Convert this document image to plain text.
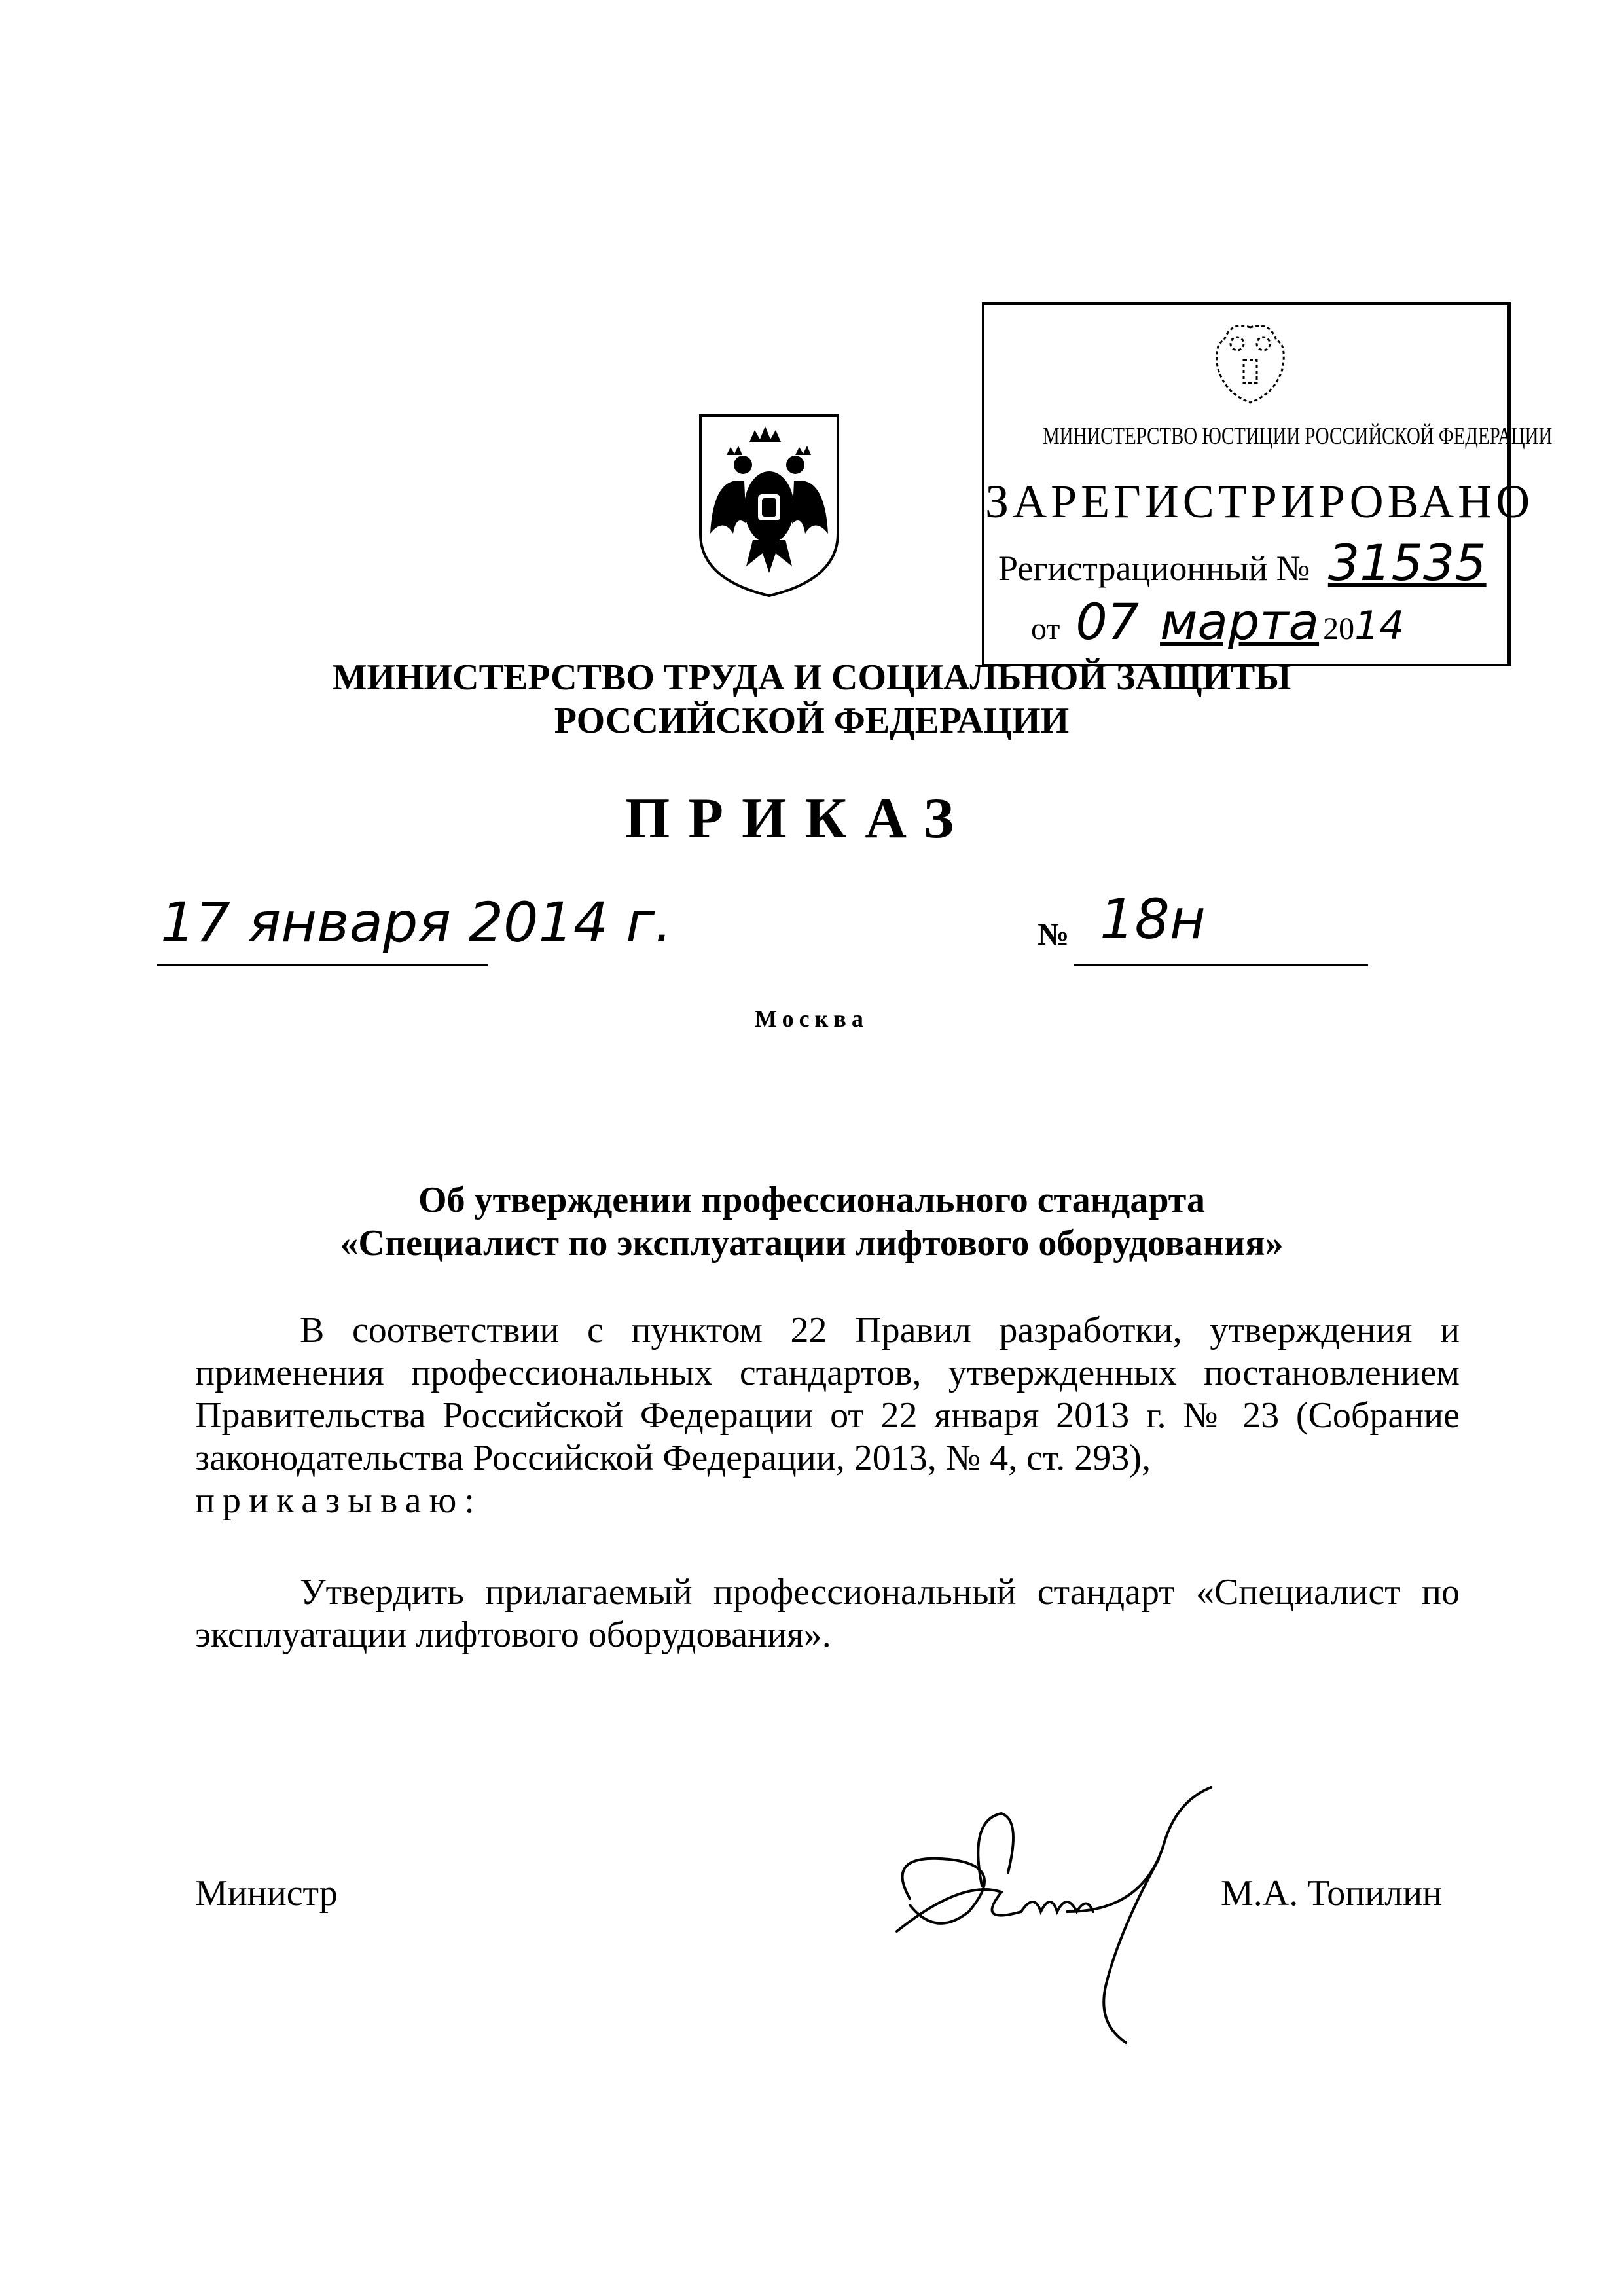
МИНИСТЕРСТВО ЮСТИЦИИ РОССИЙСКОЙ ФЕДЕРАЦИИ
ЗАРЕГИСТРИРОВАНО
Регистрационный № 31535
от 07 марта 2014
МИНИСТЕРСТВО ТРУДА И СОЦИАЛЬНОЙ ЗАЩИТЫ
РОССИЙСКОЙ ФЕДЕРАЦИИ
ПРИКАЗ
17 января 2014 г.	№ 18н
Москва
Об утверждении профессионального стандарта
«Специалист по эксплуатации лифтового оборудования»
В соответствии с пунктом 22 Правил разработки, утверждения и применения профессиональных стандартов, утвержденных постановлением Правительства Российской Федерации от 22 января 2013 г. № 23 (Собрание законодательства Российской Федерации, 2013, № 4, ст. 293),
приказываю:
Утвердить прилагаемый профессиональный стандарт «Специалист по эксплуатации лифтового оборудования».
Министр	М.А. Топилин
